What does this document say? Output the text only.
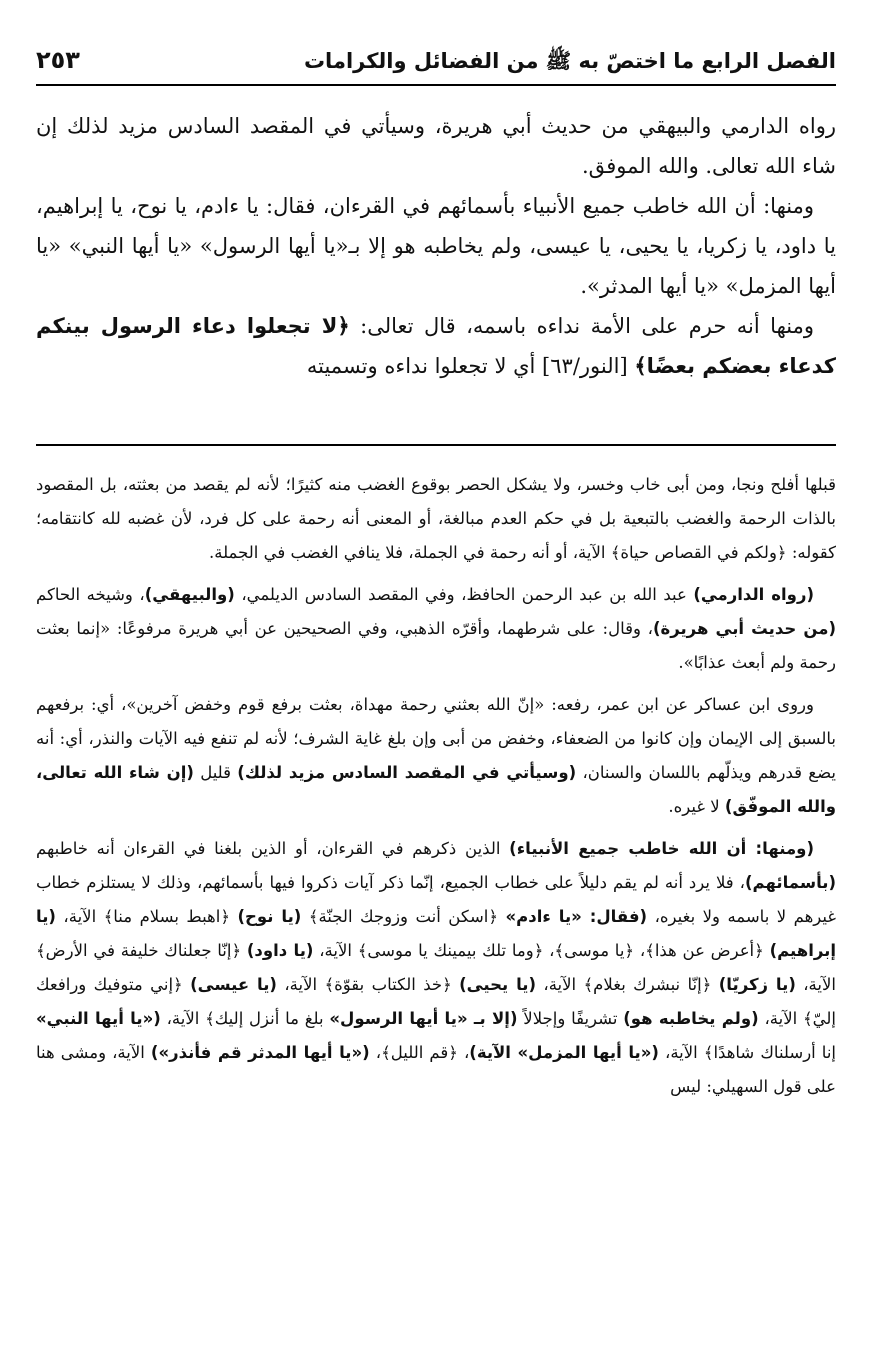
الفصل الرابع ما اختصّ به ﷺ من الفضائل والكرامات
٢٥٣

رواه الدارمي والبيهقي من حديث أبي هريرة، وسيأتي في المقصد السادس مزيد لذلك إن شاء الله تعالى. والله الموفق.

ومنها: أن الله خاطب جميع الأنبياء بأسمائهم في القرءان، فقال: يا ءادم، يا نوح، يا إبراهيم، يا داود، يا زكريا، يا يحيى، يا عيسى، ولم يخاطبه هو إلا بـ«يا أيها الرسول» «يا أيها النبي» «يا أيها المزمل» «يا أيها المدثر».

ومنها أنه حرم على الأمة نداءه باسمه، قال تعالى: ﴿لا تجعلوا دعاء الرسول بينكم كدعاء بعضكم بعضًا﴾ [النور/٦٣] أي لا تجعلوا نداءه وتسميته

قبلها أفلح ونجا، ومن أبى خاب وخسر، ولا يشكل الحصر بوقوع الغضب منه كثيرًا؛ لأنه لم يقصد من بعثته، بل المقصود بالذات الرحمة والغضب بالتبعية بل في حكم العدم مبالغة، أو المعنى أنه رحمة على كل فرد، لأن غضبه لله كانتقامه؛ كقوله: ﴿ولكم في القصاص حياة﴾ الآية، أو أنه رحمة في الجملة، فلا ينافي الغضب في الجملة.

(رواه الدارمي) عبد الله بن عبد الرحمن الحافظ، وفي المقصد السادس الديلمي، (والبيهقي)، وشيخه الحاكم (من حديث أبي هريرة)، وقال: على شرطهما، وأقرّه الذهبي، وفي الصحيحين عن أبي هريرة مرفوعًا: «إنما بعثت رحمة ولم أبعث عذابًا».

وروى ابن عساكر عن ابن عمر، رفعه: «إنّ الله بعثني رحمة مهداة، بعثت برفع قوم وخفض آخرين»، أي: برفعهم بالسبق إلى الإيمان وإن كانوا من الضعفاء، وخفض من أبى وإن بلغ غاية الشرف؛ لأنه لم تنفع فيه الآيات والنذر، أي: أنه يضع قدرهم ويذلّهم باللسان والسنان، (وسيأتي في المقصد السادس مزيد لذلك) قليل (إن شاء الله تعالى، والله الموفّق) لا غيره.

(ومنها: أن الله خاطب جميع الأنبياء) الذين ذكرهم في القرءان، أو الذين بلغنا في القرءان أنه خاطبهم (بأسمائهم)، فلا يرد أنه لم يقم دليلاً على خطاب الجميع، إنّما ذكر آيات ذكروا فيها بأسمائهم، وذلك لا يستلزم خطاب غيرهم لا باسمه ولا بغيره، (فقال: «يا ءادم» ﴿اسكن أنت وزوجك الجنّة﴾ (يا نوح) ﴿اهبط بسلام منا﴾ الآية، (يا إبراهيم) ﴿أعرض عن هذا﴾، ﴿يا موسى﴾، ﴿وما تلك بيمينك يا موسى﴾ الآية، (يا داود) ﴿إنّا جعلناك خليفة في الأرض﴾ الآية، (يا زكريّا) ﴿إنّا نبشرك بغلام﴾ الآية، (يا يحيى) ﴿خذ الكتاب بقوّة﴾ الآية، (يا عيسى) ﴿إني متوفيك ورافعك إليّ﴾ الآية، (ولم يخاطبه هو) تشريفًا وإجلالاً (إلا بـ «يا أيها الرسول» بلغ ما أنزل إليك﴾ الآية، («يا أيها النبي» إنا أرسلناك شاهدًا﴾ الآية، («يا أيها المزمل» الآية)، ﴿قم الليل﴾، («يا أيها المدثر قم فأنذر») الآية، ومشى هنا على قول السهيلي: ليس
